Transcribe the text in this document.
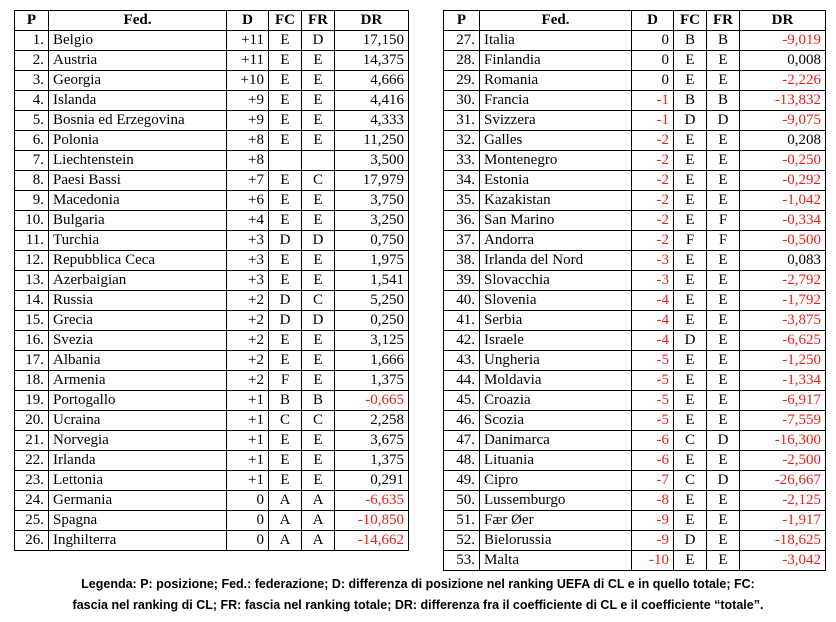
P	Fed.	D	FC	FR	DR
1.	Belgio	+11	E	D	17,150
2.	Austria	+11	E	E	14,375
3.	Georgia	+10	E	E	4,666
4.	Islanda	+9	E	E	4,416
5.	Bosnia ed Erzegovina	+9	E	E	4,333
6.	Polonia	+8	E	E	11,250
7.	Liechtenstein	+8			3,500
8.	Paesi Bassi	+7	E	C	17,979
9.	Macedonia	+6	E	E	3,750
10.	Bulgaria	+4	E	E	3,250
11.	Turchia	+3	D	D	0,750
12.	Repubblica Ceca	+3	E	E	1,975
13.	Azerbaigian	+3	E	E	1,541
14.	Russia	+2	D	C	5,250
15.	Grecia	+2	D	D	0,250
16.	Svezia	+2	E	E	3,125
17.	Albania	+2	E	E	1,666
18.	Armenia	+2	F	E	1,375
19.	Portogallo	+1	B	B	-0,665
20.	Ucraina	+1	C	C	2,258
21.	Norvegia	+1	E	E	3,675
22.	Irlanda	+1	E	E	1,375
23.	Lettonia	+1	E	E	0,291
24.	Germania	0	A	A	-6,635
25.	Spagna	0	A	A	-10,850
26.	Inghilterra	0	A	A	-14,662
P	Fed.	D	FC	FR	DR
27.	Italia	0	B	B	-9,019
28.	Finlandia	0	E	E	0,008
29.	Romania	0	E	E	-2,226
30.	Francia	-1	B	B	-13,832
31.	Svizzera	-1	D	D	-9,075
32.	Galles	-2	E	E	0,208
33.	Montenegro	-2	E	E	-0,250
34.	Estonia	-2	E	E	-0,292
35.	Kazakistan	-2	E	E	-1,042
36.	San Marino	-2	E	F	-0,334
37.	Andorra	-2	F	F	-0,500
38.	Irlanda del Nord	-3	E	E	0,083
39.	Slovacchia	-3	E	E	-2,792
40.	Slovenia	-4	E	E	-1,792
41.	Serbia	-4	E	E	-3,875
42.	Israele	-4	D	E	-6,625
43.	Ungheria	-5	E	E	-1,250
44.	Moldavia	-5	E	E	-1,334
45.	Croazia	-5	E	E	-6,917
46.	Scozia	-5	E	E	-7,559
47.	Danimarca	-6	C	D	-16,300
48.	Lituania	-6	E	E	-2,500
49.	Cipro	-7	C	D	-26,667
50.	Lussemburgo	-8	E	E	-2,125
51.	Fær Øer	-9	E	E	-1,917
52.	Bielorussia	-9	D	E	-18,625
53.	Malta	-10	E	E	-3,042
Legenda: P: posizione; Fed.: federazione; D: differenza di posizione nel ranking UEFA di CL e in quello totale; FC:
fascia nel ranking di CL; FR: fascia nel ranking totale; DR: differenza fra il coefficiente di CL e il coefficiente “totale”.
